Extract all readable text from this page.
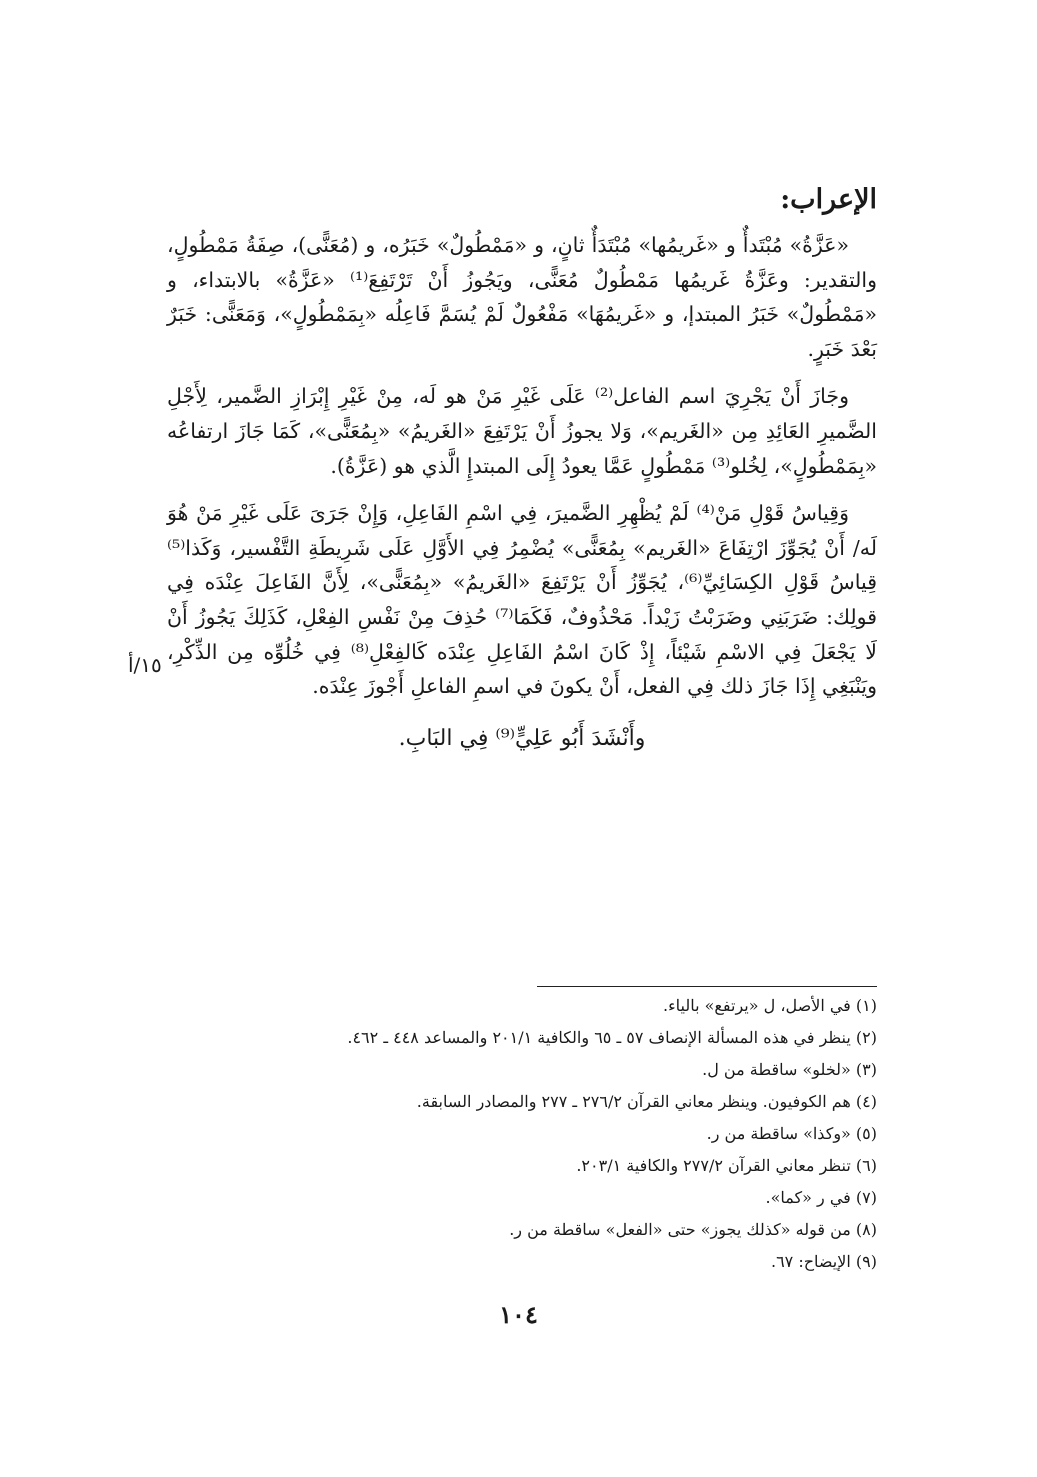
الإعراب:

«عَزَّةُ» مُبْتَدأٌ و «غَريمُها» مُبْتَدَأٌ ثانٍ، و «مَمْطُولٌ» خَبَرُه، و (مُعَنًّى)، صِفَةُ مَمْطُولٍ، والتقدير: وعَزَّةُ غَريمُها مَمْطُولٌ مُعَنًّى، ويَجُوزُ أَنْ تَرْتَفِعَ⁽¹⁾ «عَزَّةُ» بالابتداء، و «مَمْطُولٌ» خَبَرُ المبتدإ، و «غَريمُهَا» مَفْعُولٌ لَمْ يُسَمَّ فَاعِلُه «بِمَمْطُولٍ»، وَمَعَنًّى: خَبَرٌ بَعْدَ خَبَرٍ.

وجَازَ أَنْ يَجْرِيَ اسم الفاعل⁽²⁾ عَلَى غَيْرِ مَنْ هو لَه، مِنْ غَيْرِ إِبْرَازِ الضَّمير، لِأَجْلِ الضَّميرِ العَائِدِ مِن «الغَريم»، وَلا يجوزُ أَنْ يَرْتَفِعَ «الغَريمُ» «بِمُعَنًّى»، كَمَا جَازَ ارتفاعُه «بِمَمْطُولٍ»، لِخُلو⁽³⁾ مَمْطُولٍ عَمَّا يعودُ إِلَى المبتدإِ الَّذي هو (عَزَّةُ).

وَقِياسُ قَوْلِ مَنْ⁽⁴⁾ لَمْ يُظْهِرِ الضَّميرَ، فِي اسْمِ الفَاعِلِ، وَإِنْ جَرَىَ عَلَى غَيْرِ مَنْ هُوَ لَه/ أَنْ يُجَوِّزَ ارْتِفَاعَ «الغَريم» بِمُعَنًّى» يُضْمِرُ فِي الأَوَّلِ عَلَى شَرِيطَةِ التَّفْسير، وَكَذا⁽⁵⁾ قِياسُ قَوْلِ الكِسَائِيِّ⁽⁶⁾، يُجَوِّزُ أَنْ يَرْتَفِعَ «الغَريمُ» «بِمُعَنًّى»، لِأَنَّ الفَاعِلَ عِنْدَه فِي قولِك: ضَرَبَنِي وضَرَبْتُ زَيْداً. مَحْذُوفٌ، فَكَمَا⁽⁷⁾ حُذِفَ مِنْ نَفْسِ الفِعْلِ، كَذَلِكَ يَجُوزُ أَنْ لَا يَجْعَلَ فِي الاسْمِ شَيْئاً، إِذْ كَانَ اسْمُ الفَاعِلِ عِنْدَه كَالفِعْلِ⁽⁸⁾ فِي خُلُوِّه مِن الذِّكْرِ، ويَنْبَغِي إِذَا جَازَ ذلك فِي الفعل، أَنْ يكونَ في اسمِ الفاعلِ أَجْوزَ عِنْدَه.

وأَنْشَدَ أَبُو عَلِيٍّ⁽⁹⁾ فِي البَابِ.

١٥/أ
(١) في الأصل، ل «يرتفع» بالياء.
(٢) ينظر في هذه المسألة الإنصاف ٥٧ ـ ٦٥ والكافية ٢٠١/١ والمساعد ٤٤٨ ـ ٤٦٢.
(٣) «لخلو» ساقطة من ل.
(٤) هم الكوفيون. وينظر معاني القرآن ٢٧٦/٢ ـ ٢٧٧ والمصادر السابقة.
(٥) «وكذا» ساقطة من ر.
(٦) تنظر معاني القرآن ٢٧٧/٢ والكافية ٢٠٣/١.
(٧) في ر «كما».
(٨) من قوله «كذلك يجوز» حتى «الفعل» ساقطة من ر.
(٩) الإيضاح: ٦٧.
١٠٤
